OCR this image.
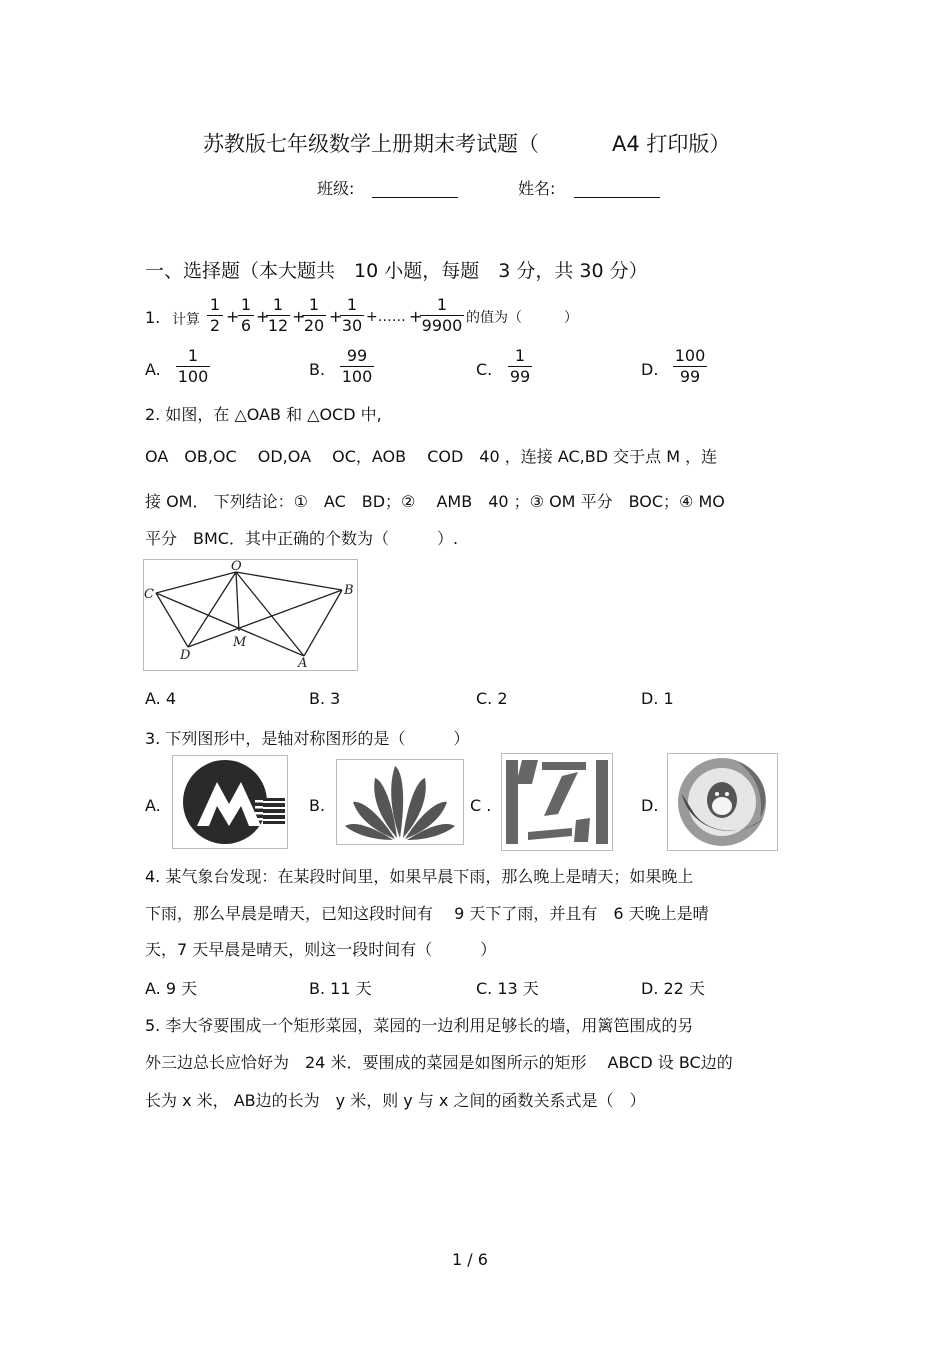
苏教版七年级数学上册期末考试题（	A4 打印版）
班级:	姓名:
一、选择题（本大题共　10 小题，每题　3 分，共 30 分）
1. 计算
1
2 +
1
6 +
1
12 +
1
20 +
1
30 +…… +
1
9900 的值为（　　　）
A.
1
100	B.
99
100	C.
1
99	D.
100
99
2. 如图，在 △OAB 和 △OCD 中,
OA　OB,OC　 OD,OA　 OC，AOB　 COD　40 ，连接 AC,BD 交于点 M ，连
接 OM． 下列结论：①　AC　BD；②　 AMB　40 ；③ OM 平分　BOC；④ MO
平分　BMC．其中正确的个数为（　　　）.
O
B
C
D
M
A
A. 4	B. 3	C. 2	D. 1
3. 下列图形中，是轴对称图形的是（　　　）
A.	B.	C .	D.
4. 某气象台发现：在某段时间里，如果早晨下雨，那么晚上是晴天；如果晚上
下雨，那么早晨是晴天，已知这段时间有　 9 天下了雨，并且有　6 天晚上是晴
天，7 天早晨是晴天，则这一段时间有（　　　）
A. 9 天	B. 11 天	C. 13 天	D. 22 天
5. 李大爷要围成一个矩形菜园，菜园的一边利用足够长的墙，用篱笆围成的另
外三边总长应恰好为　24 米．要围成的菜园是如图所示的矩形　 ABCD 设 BC边的
长为 x 米， AB边的长为　y 米，则 y 与 x 之间的函数关系式是（　）
1 / 6
